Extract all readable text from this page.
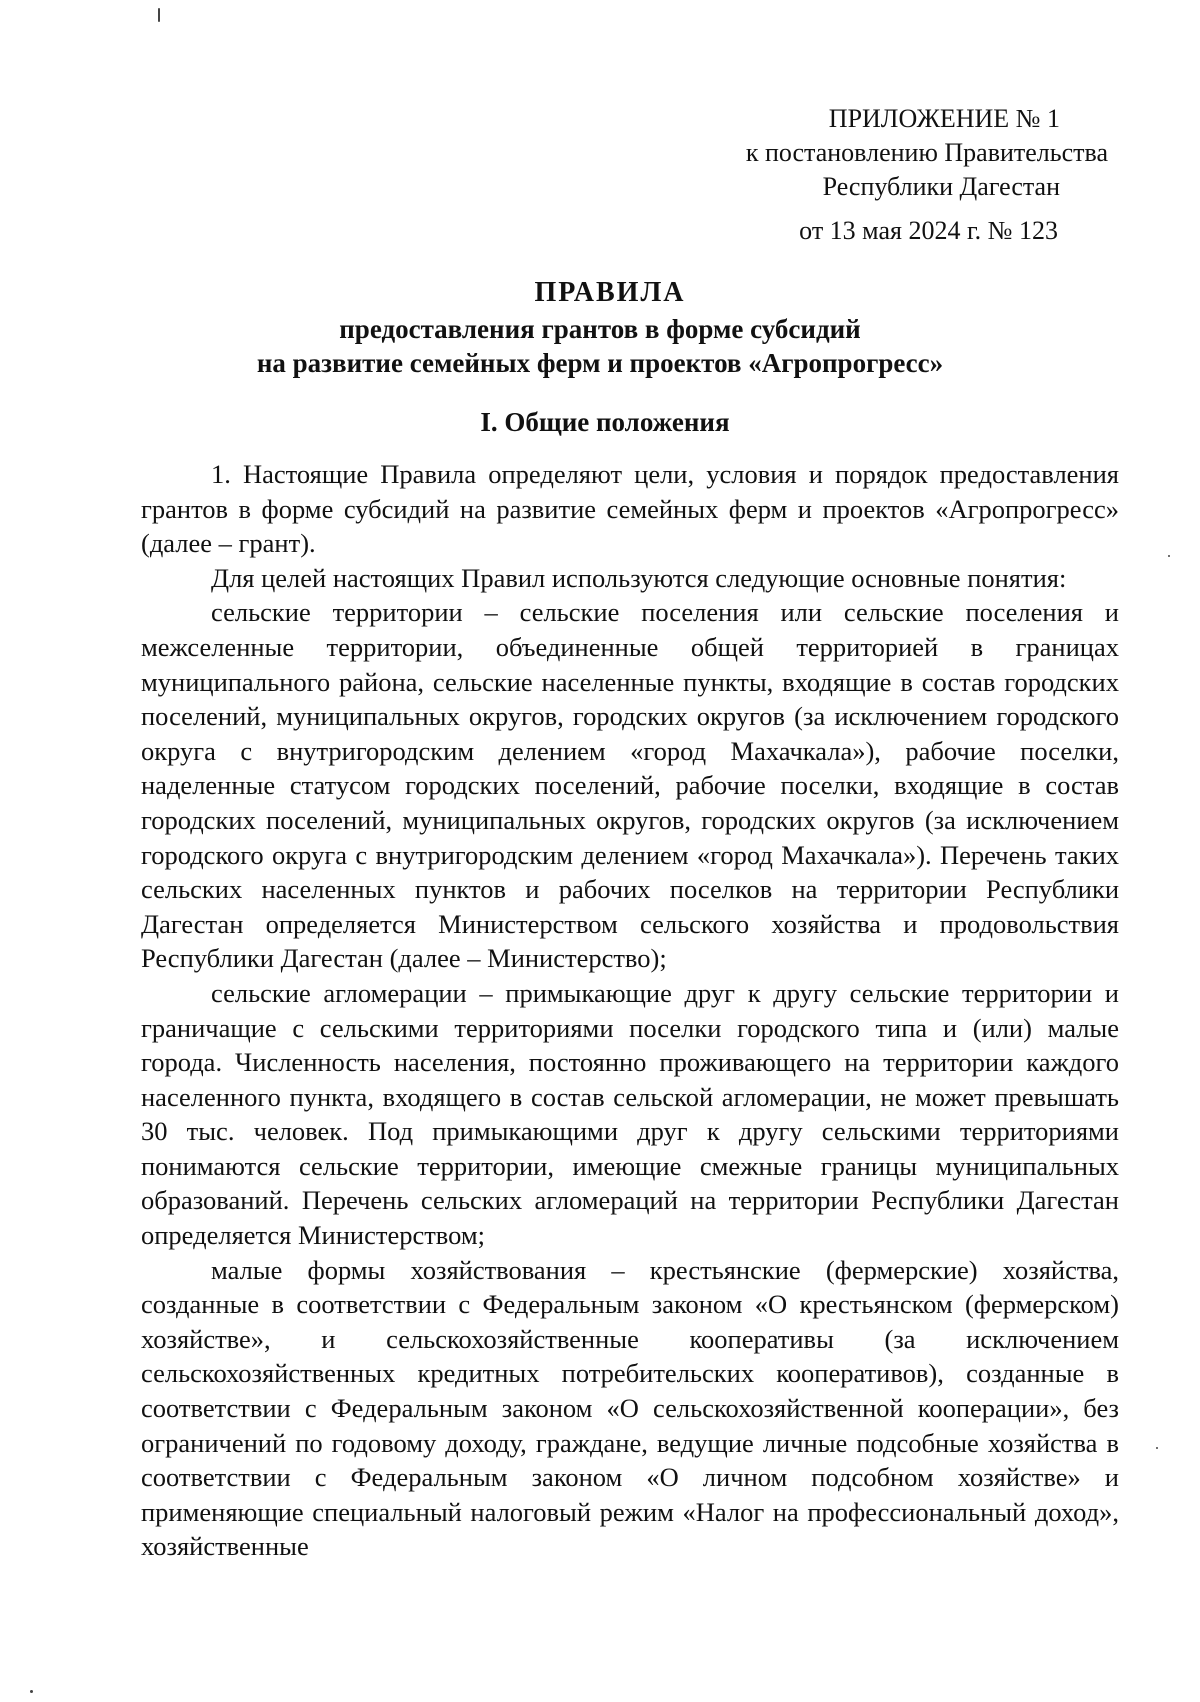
ПРИЛОЖЕНИЕ № 1
к постановлению Правительства
Республики Дагестан
от 13 мая 2024 г. № 123
ПРАВИЛА
предоставления грантов в форме субсидий
на развитие семейных ферм и проектов «Агропрогресс»
I. Общие положения

1. Настоящие Правила определяют цели, условия и порядок предоставления грантов в форме субсидий на развитие семейных ферм и проектов «Агропрогресс» (далее – грант).

Для целей настоящих Правил используются следующие основные понятия:

сельские территории – сельские поселения или сельские поселения и межселенные территории, объединенные общей территорией в границах муниципального района, сельские населенные пункты, входящие в состав городских поселений, муниципальных округов, городских округов (за исключением городского округа с внутригородским делением «город Махачкала»), рабочие поселки, наделенные статусом городских поселений, рабочие поселки, входящие в состав городских поселений, муниципальных округов, городских округов (за исключением городского округа с внутригородским делением «город Махачкала»). Перечень таких сельских населенных пунктов и рабочих поселков на территории Республики Дагестан определяется Министерством сельского хозяйства и продовольствия Республики Дагестан (далее – Министерство);

сельские агломерации – примыкающие друг к другу сельские территории и граничащие с сельскими территориями поселки городского типа и (или) малые города. Численность населения, постоянно проживающего на территории каждого населенного пункта, входящего в состав сельской агломерации, не может превышать 30 тыс. человек. Под примыкающими друг к другу сельскими территориями понимаются сельские территории, имеющие смежные границы муниципальных образований. Перечень сельских агломераций на территории Республики Дагестан определяется Министерством;

малые формы хозяйствования – крестьянские (фермерские) хозяйства, созданные в соответствии с Федеральным законом «О крестьянском (фермерском) хозяйстве», и сельскохозяйственные кооперативы (за исключением сельскохозяйственных кредитных потребительских кооперативов), созданные в соответствии с Федеральным законом «О сельскохозяйственной кооперации», без ограничений по годовому доходу, граждане, ведущие личные подсобные хозяйства в соответствии с Федеральным законом «О личном подсобном хозяйстве» и применяющие специальный налоговый режим «Налог на профессиональный доход», хозяйственные
